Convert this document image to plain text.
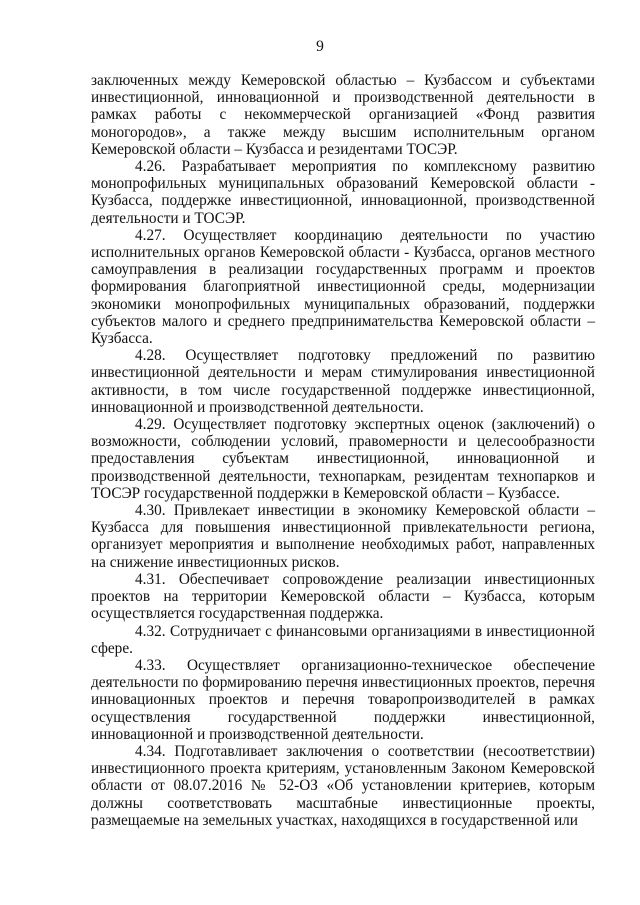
9

заключенных между Кемеровской областью – Кузбассом и субъектами инвестиционной, инновационной и производственной деятельности в рамках работы с некоммерческой организацией «Фонд развития моногородов», а также между высшим исполнительным органом Кемеровской области – Кузбасса и резидентами ТОСЭР.

4.26. Разрабатывает мероприятия по комплексному развитию монопрофильных муниципальных образований Кемеровской области - Кузбасса, поддержке инвестиционной, инновационной, производственной деятельности и ТОСЭР.

4.27. Осуществляет координацию деятельности по участию исполнительных органов Кемеровской области - Кузбасса, органов местного самоуправления в реализации государственных программ и проектов формирования благоприятной инвестиционной среды, модернизации экономики монопрофильных муниципальных образований, поддержки субъектов малого и среднего предпринимательства Кемеровской области – Кузбасса.

4.28. Осуществляет подготовку предложений по развитию инвестиционной деятельности и мерам стимулирования инвестиционной активности, в том числе государственной поддержке инвестиционной, инновационной и производственной деятельности.

4.29. Осуществляет подготовку экспертных оценок (заключений) о возможности, соблюдении условий, правомерности и целесообразности предоставления субъектам инвестиционной, инновационной и производственной деятельности, технопаркам, резидентам технопарков и ТОСЭР государственной поддержки в Кемеровской области – Кузбассе.

4.30. Привлекает инвестиции в экономику Кемеровской области – Кузбасса для повышения инвестиционной привлекательности региона, организует мероприятия и выполнение необходимых работ, направленных на снижение инвестиционных рисков.

4.31. Обеспечивает сопровождение реализации инвестиционных проектов на территории Кемеровской области – Кузбасса, которым осуществляется государственная поддержка.

4.32. Сотрудничает с финансовыми организациями в инвестиционной сфере.

4.33. Осуществляет организационно-техническое обеспечение деятельности по формированию перечня инвестиционных проектов, перечня инновационных проектов и перечня товаропроизводителей в рамках осуществления государственной поддержки инвестиционной, инновационной и производственной деятельности.

4.34. Подготавливает заключения о соответствии (несоответствии) инвестиционного проекта критериям, установленным Законом Кемеровской области от 08.07.2016 № 52-ОЗ «Об установлении критериев, которым должны соответствовать масштабные инвестиционные проекты, размещаемые на земельных участках, находящихся в государственной или
